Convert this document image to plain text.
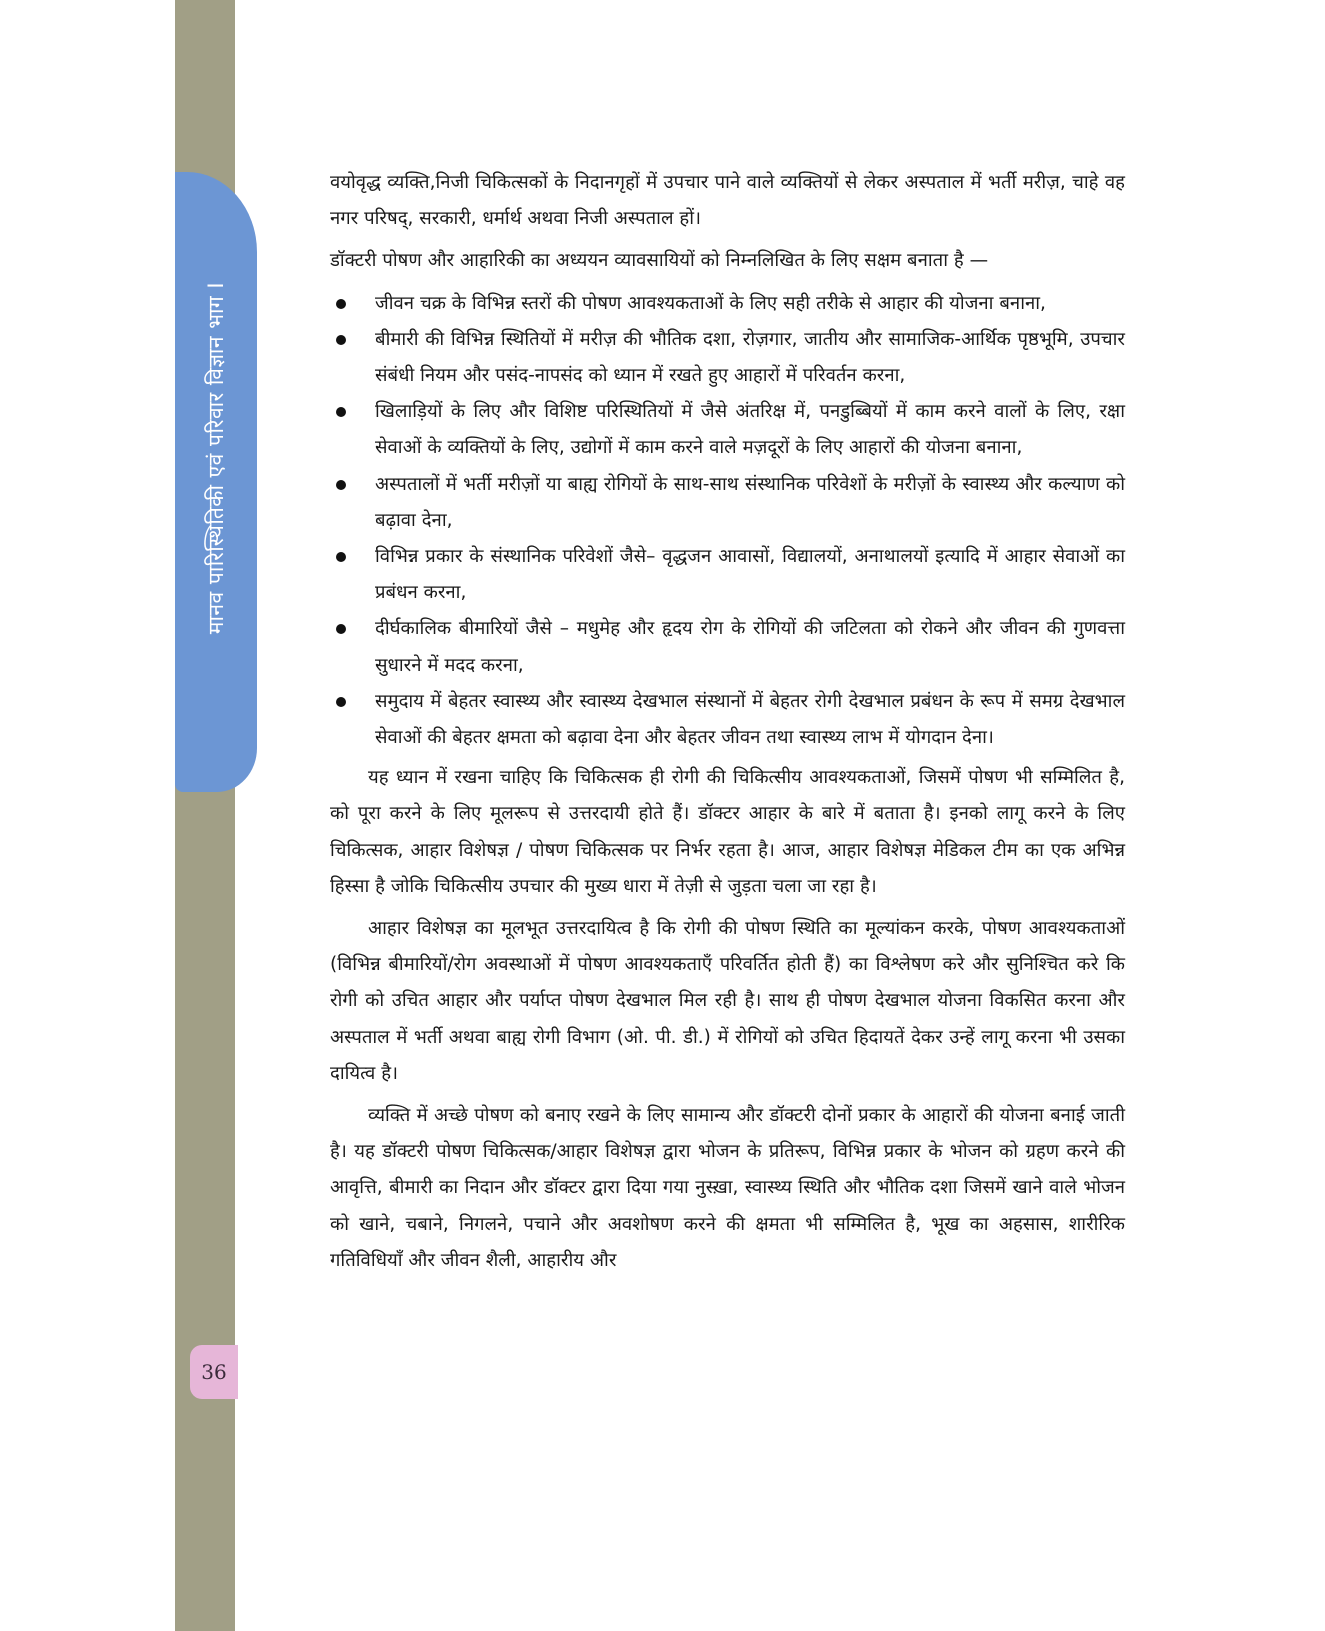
मानव पारिस्थितिकी एवं परिवार विज्ञान भाग I
36

वयोवृद्ध व्यक्ति,निजी चिकित्सकों के निदानगृहों में उपचार पाने वाले व्यक्तियों से लेकर अस्पताल में भर्ती मरीज़, चाहे वह नगर परिषद्, सरकारी, धर्मार्थ अथवा निजी अस्पताल हों।

डॉक्टरी पोषण और आहारिकी का अध्ययन व्यावसायियों को निम्नलिखित के लिए सक्षम बनाता है —

जीवन चक्र के विभिन्न स्तरों की पोषण आवश्यकताओं के लिए सही तरीके से आहार की योजना बनाना,
बीमारी की विभिन्न स्थितियों में मरीज़ की भौतिक दशा, रोज़गार, जातीय और सामाजिक-आर्थिक पृष्ठभूमि, उपचार संबंधी नियम और पसंद-नापसंद को ध्यान में रखते हुए आहारों में परिवर्तन करना,
खिलाड़ियों के लिए और विशिष्ट परिस्थितियों में जैसे अंतरिक्ष में, पनडुब्बियों में काम करने वालों के लिए, रक्षा सेवाओं के व्यक्तियों के लिए, उद्योगों में काम करने वाले मज़दूरों के लिए आहारों की योजना बनाना,
अस्पतालों में भर्ती मरीज़ों या बाह्य रोगियों के साथ-साथ संस्थानिक परिवेशों के मरीज़ों के स्वास्थ्य और कल्याण को बढ़ावा देना,
विभिन्न प्रकार के संस्थानिक परिवेशों जैसे– वृद्धजन आवासों, विद्यालयों, अनाथालयों इत्यादि में आहार सेवाओं का प्रबंधन करना,
दीर्घकालिक बीमारियों जैसे – मधुमेह और हृदय रोग के रोगियों की जटिलता को रोकने और जीवन की गुणवत्ता सुधारने में मदद करना,
समुदाय में बेहतर स्वास्थ्य और स्वास्थ्य देखभाल संस्थानों में बेहतर रोगी देखभाल प्रबंधन के रूप में समग्र देखभाल सेवाओं की बेहतर क्षमता को बढ़ावा देना और बेहतर जीवन तथा स्वास्थ्य लाभ में योगदान देना।

यह ध्यान में रखना चाहिए कि चिकित्सक ही रोगी की चिकित्सीय आवश्यकताओं, जिसमें पोषण भी सम्मिलित है, को पूरा करने के लिए मूलरूप से उत्तरदायी होते हैं। डॉक्टर आहार के बारे में बताता है। इनको लागू करने के लिए चिकित्सक, आहार विशेषज्ञ / पोषण चिकित्सक पर निर्भर रहता है। आज, आहार विशेषज्ञ मेडिकल टीम का एक अभिन्न हिस्सा है जोकि चिकित्सीय उपचार की मुख्य धारा में तेज़ी से जुड़ता चला जा रहा है।

आहार विशेषज्ञ का मूलभूत उत्तरदायित्व है कि रोगी की पोषण स्थिति का मूल्यांकन करके, पोषण आवश्यकताओं (विभिन्न बीमारियों/रोग अवस्थाओं में पोषण आवश्यकताएँ परिवर्तित होती हैं) का विश्लेषण करे और सुनिश्चित करे कि रोगी को उचित आहार और पर्याप्त पोषण देखभाल मिल रही है। साथ ही पोषण देखभाल योजना विकसित करना और अस्पताल में भर्ती अथवा बाह्य रोगी विभाग (ओ. पी. डी.) में रोगियों को उचित हिदायतें देकर उन्हें लागू करना भी उसका दायित्व है।

व्यक्ति में अच्छे पोषण को बनाए रखने के लिए सामान्य और डॉक्टरी दोनों प्रकार के आहारों की योजना बनाई जाती है। यह डॉक्टरी पोषण चिकित्सक/आहार विशेषज्ञ द्वारा भोजन के प्रतिरूप, विभिन्न प्रकार के भोजन को ग्रहण करने की आवृत्ति, बीमारी का निदान और डॉक्टर द्वारा दिया गया नुस्ख़ा, स्वास्थ्य स्थिति और भौतिक दशा जिसमें खाने वाले भोजन को खाने, चबाने, निगलने, पचाने और अवशोषण करने की क्षमता भी सम्मिलित है, भूख का अहसास, शारीरिक गतिविधियाँ और जीवन शैली, आहारीय और
